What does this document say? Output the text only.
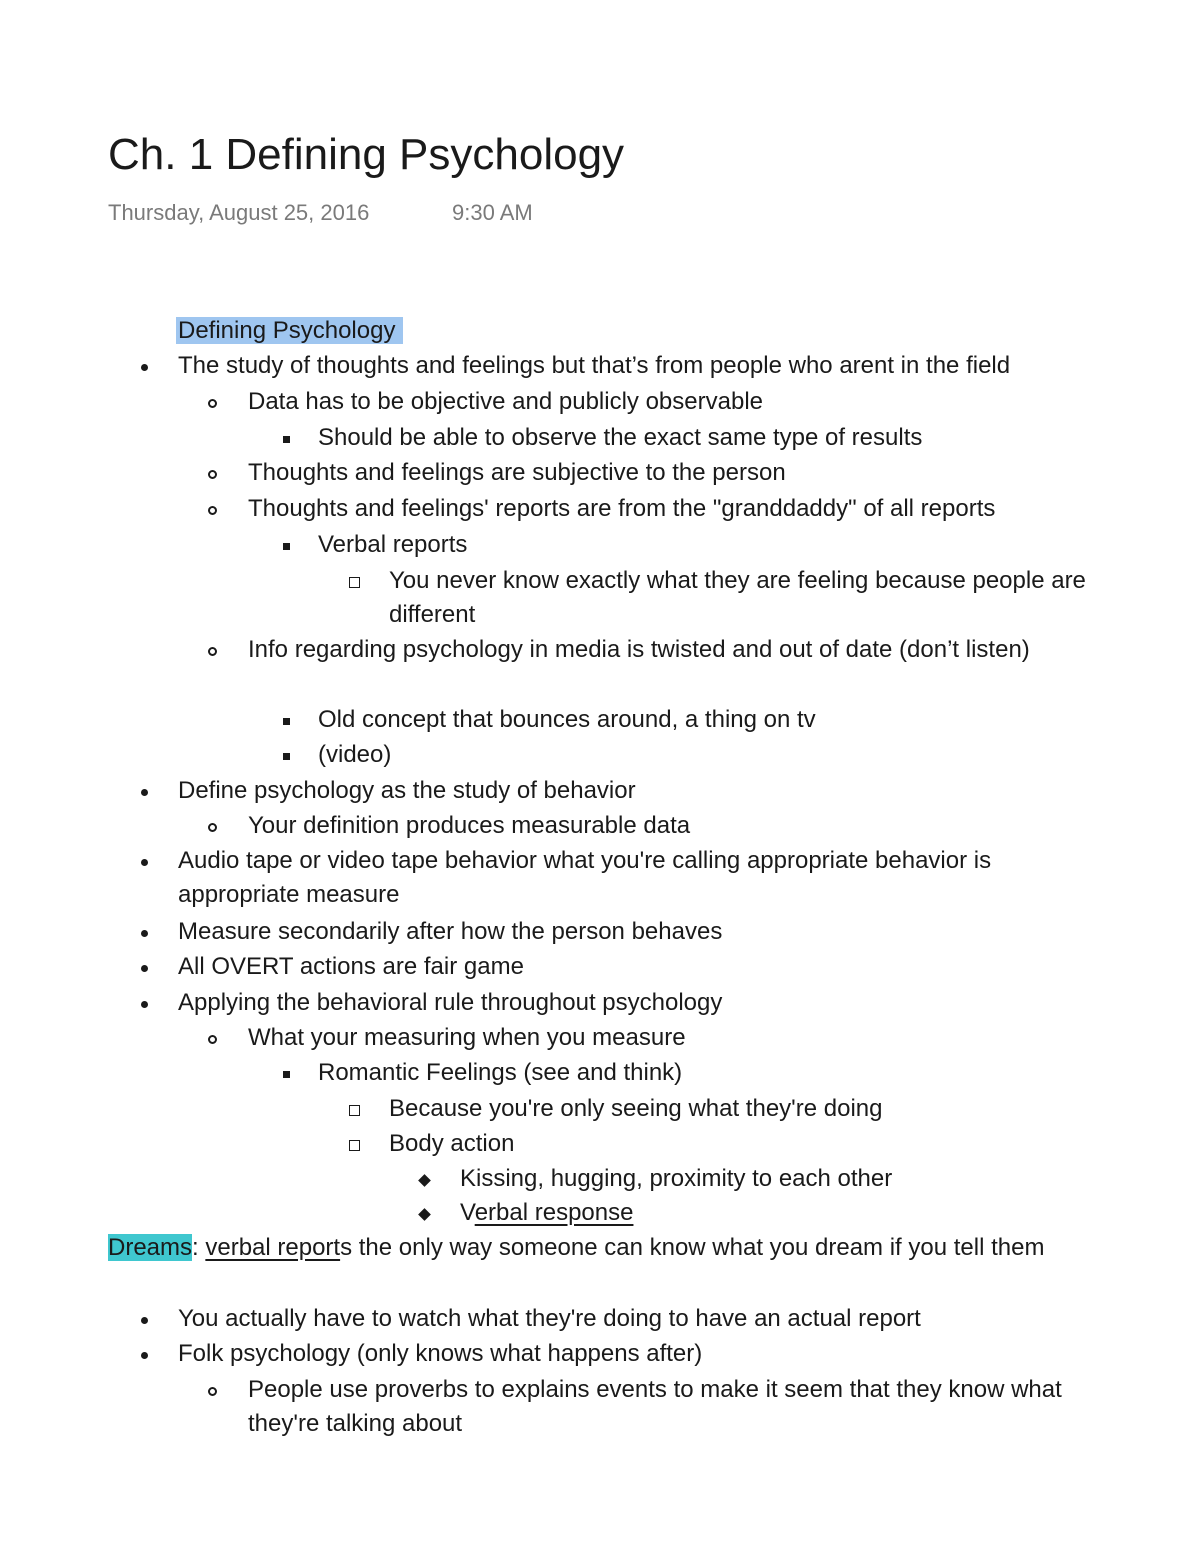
Ch. 1 Defining Psychology
Thursday, August 25, 2016	9:30 AM
Defining Psychology
The study of thoughts and feelings but that’s from people who arent in the field
Data has to be objective and publicly observable
Should be able to observe the exact same type of results
Thoughts and feelings are subjective to the person
Thoughts and feelings' reports are from the "granddaddy" of all reports
Verbal reports
You never know exactly what they are feeling because people are different
Info regarding psychology in media is twisted and out of date (don’t listen)
Old concept that bounces around, a thing on tv
(video)
Define psychology as the study of behavior
Your definition produces measurable data
Audio tape or video tape behavior what you're calling appropriate behavior is appropriate measure
Measure secondarily after how the person behaves
All OVERT actions are fair game
Applying the behavioral rule throughout psychology
What your measuring when you measure
Romantic Feelings (see and think)
Because you're only seeing what they're doing
Body action
Kissing, hugging, proximity to each other
Verbal response
Dreams: verbal reports the only way someone can know what you dream if you tell them
You actually have to watch what they're doing to have an actual report
Folk psychology (only knows what happens after)
People use proverbs to explains events to make it seem that they know what they're talking about
